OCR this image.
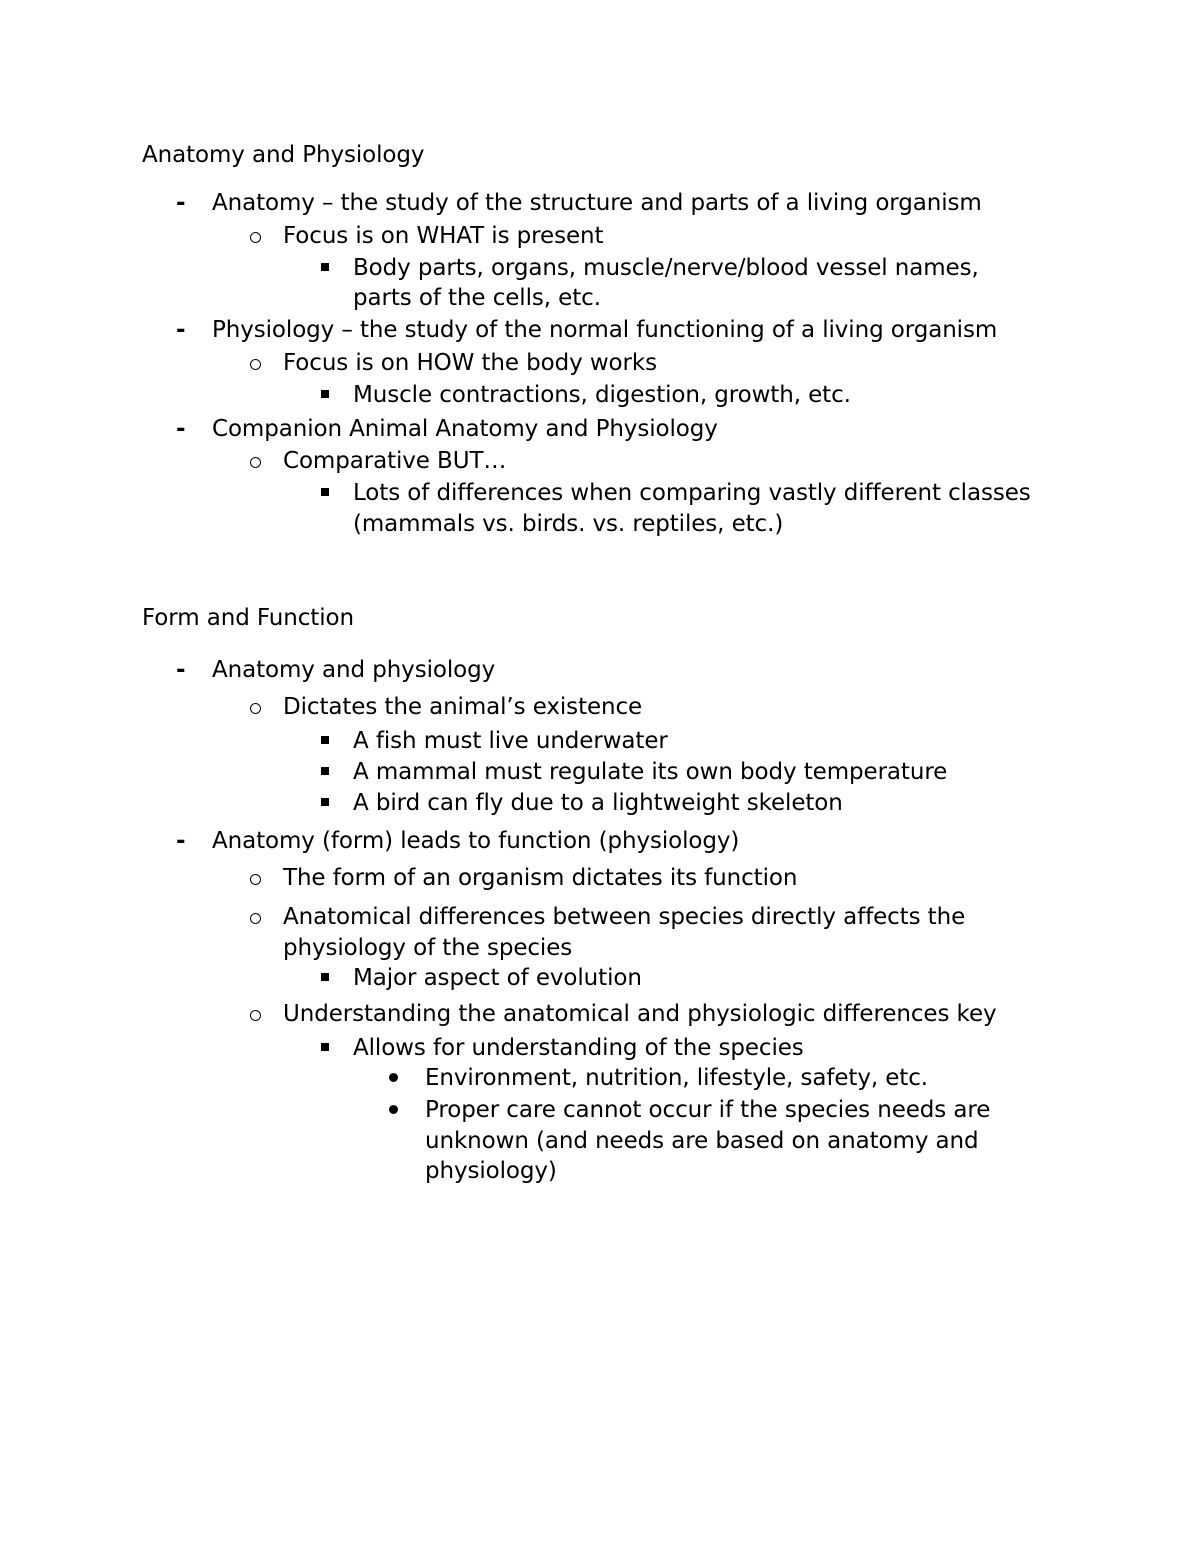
Anatomy and Physiology
Form and Function
- Anatomy – the study of the structure and parts of a living organism
Focus is on WHAT is present
Body parts, organs, muscle/nerve/blood vessel names,
parts of the cells, etc.
- Physiology – the study of the normal functioning of a living organism
Focus is on HOW the body works
Muscle contractions, digestion, growth, etc.
- Companion Animal Anatomy and Physiology
Comparative BUT…
Lots of differences when comparing vastly different classes
(mammals vs. birds. vs. reptiles, etc.)
- Anatomy and physiology
Dictates the animal’s existence
A fish must live underwater
A mammal must regulate its own body temperature
A bird can fly due to a lightweight skeleton
- Anatomy (form) leads to function (physiology)
The form of an organism dictates its function
Anatomical differences between species directly affects the
physiology of the species
Major aspect of evolution
Understanding the anatomical and physiologic differences key
Allows for understanding of the species
Environment, nutrition, lifestyle, safety, etc.
Proper care cannot occur if the species needs are
unknown (and needs are based on anatomy and
physiology)
